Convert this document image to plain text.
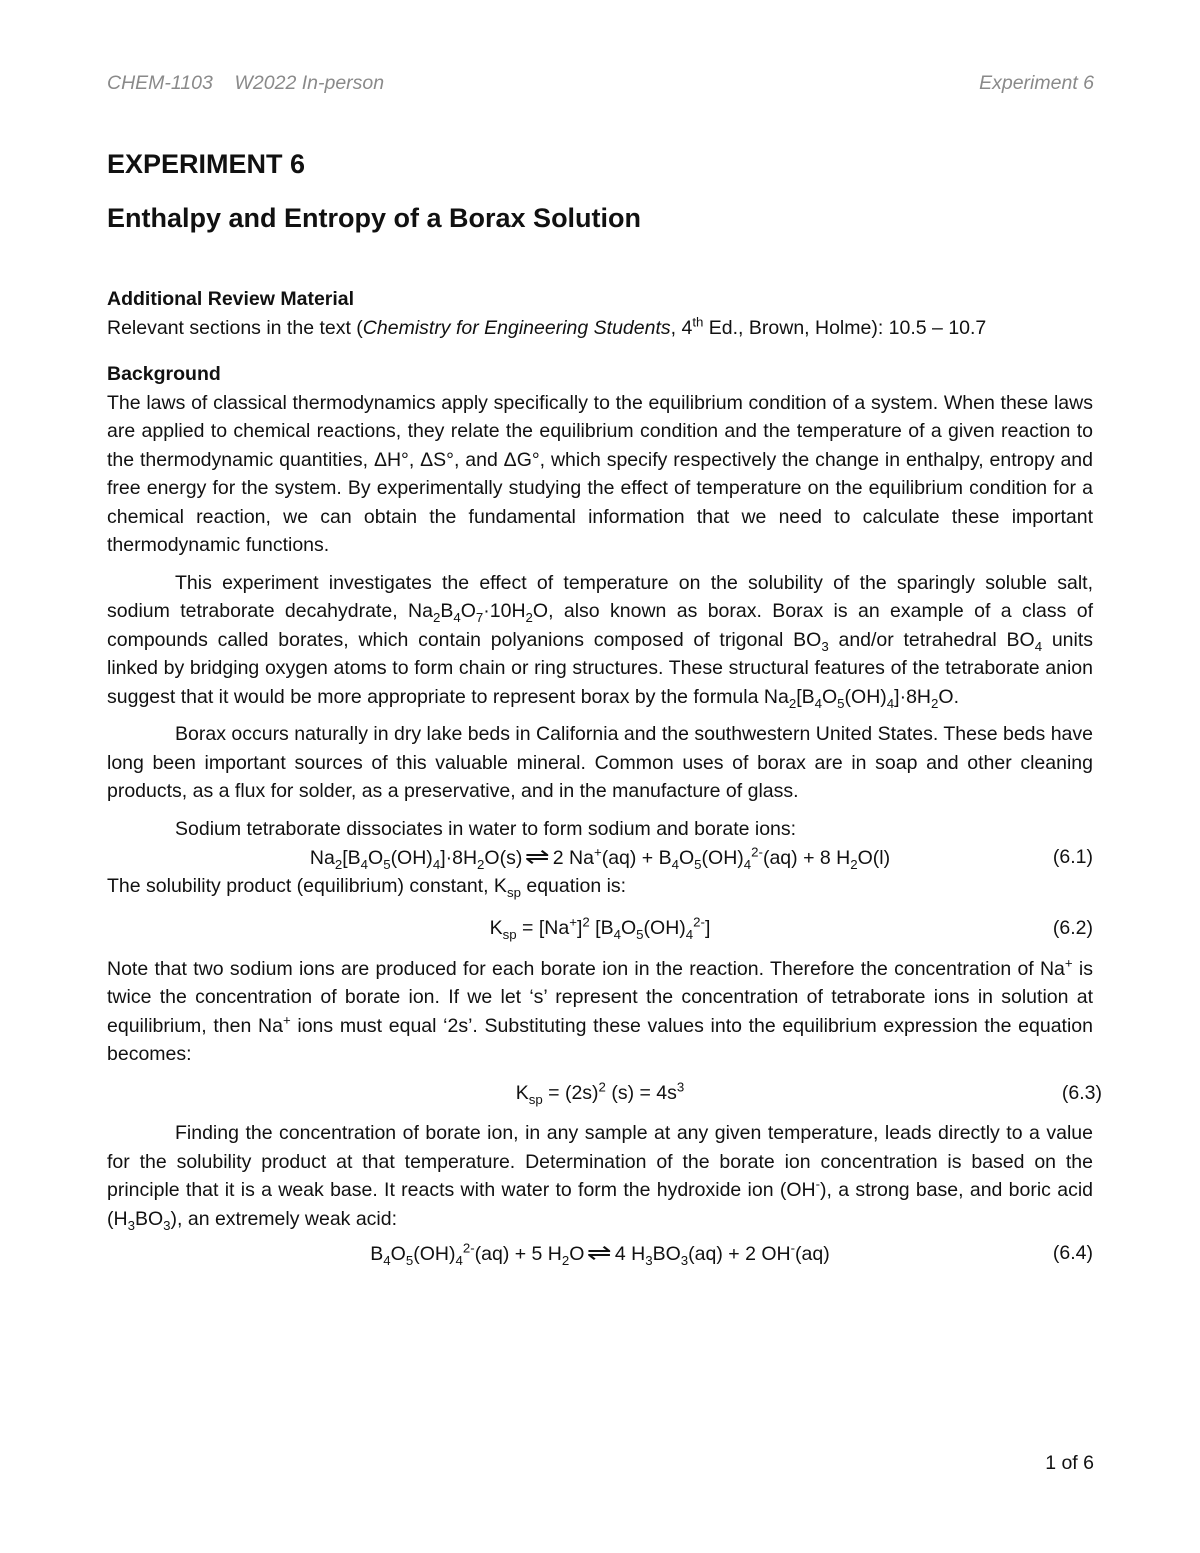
CHEM-1103    W2022 In-person	Experiment 6
EXPERIMENT 6
Enthalpy and Entropy of a Borax Solution
Additional Review Material

Relevant sections in the text (Chemistry for Engineering Students, 4th Ed., Brown, Holme): 10.5 – 10.7

Background

The laws of classical thermodynamics apply specifically to the equilibrium condition of a system. When these laws are applied to chemical reactions, they relate the equilibrium condition and the temperature of a given reaction to the thermodynamic quantities, ΔH°, ΔS°, and ΔG°, which specify respectively the change in enthalpy, entropy and free energy for the system. By experimentally studying the effect of temperature on the equilibrium condition for a chemical reaction, we can obtain the fundamental information that we need to calculate these important thermodynamic functions.

This experiment investigates the effect of temperature on the solubility of the sparingly soluble salt, sodium tetraborate decahydrate, $Na_2B_4O_7\cdot 10H_2O$, also known as borax. Borax is an example of a class of compounds called borates, which contain polyanions composed of trigonal $BO_3$ and/or tetrahedral $BO_4$ units linked by bridging oxygen atoms to form chain or ring structures. These structural features of the tetraborate anion suggest that it would be more appropriate to represent borax by the formula $Na_2[B_4O_5(OH)_4]\cdot 8H_2O$.

Borax occurs naturally in dry lake beds in California and the southwestern United States. These beds have long been important sources of this valuable mineral. Common uses of borax are in soap and other cleaning products, as a flux for solder, as a preservative, and in the manufacture of glass.

Sodium tetraborate dissociates in water to form sodium and borate ions:

$Na_2[B_4O_5(OH)_4]\cdot 8H_2O(s)$ ⇌ 2 $Na^+(aq) + B_4O_5(OH)_4^{2-}(aq) + 8$ $H_2O(l)$	(6.1)

The solubility product (equilibrium) constant, $K_{sp}$ equation is:

$K_{sp} = [Na^+]^2$ $[B_4O_5(OH)_4^{2-}]$	(6.2)

Note that two sodium ions are produced for each borate ion in the reaction. Therefore the concentration of Na+ is twice the concentration of borate ion. If we let ‘s’ represent the concentration of tetraborate ions in solution at equilibrium, then Na+ ions must equal ‘2s’. Substituting these values into the equilibrium expression the equation becomes:

$K_{sp} = (2s)^2$ $(s) = 4s^3$	(6.3)

Finding the concentration of borate ion, in any sample at any given temperature, leads directly to a value for the solubility product at that temperature. Determination of the borate ion concentration is based on the principle that it is a weak base. It reacts with water to form the hydroxide ion (OH-), a strong base, and boric acid $(H_3BO_3)$, an extremely weak acid:

$B_4O_5(OH)_4^{2-}(aq) + 5$ $H_2O$ ⇌ 4 $H_3BO_3(aq) + 2$ OH-(aq)	(6.4)
1 of 6
